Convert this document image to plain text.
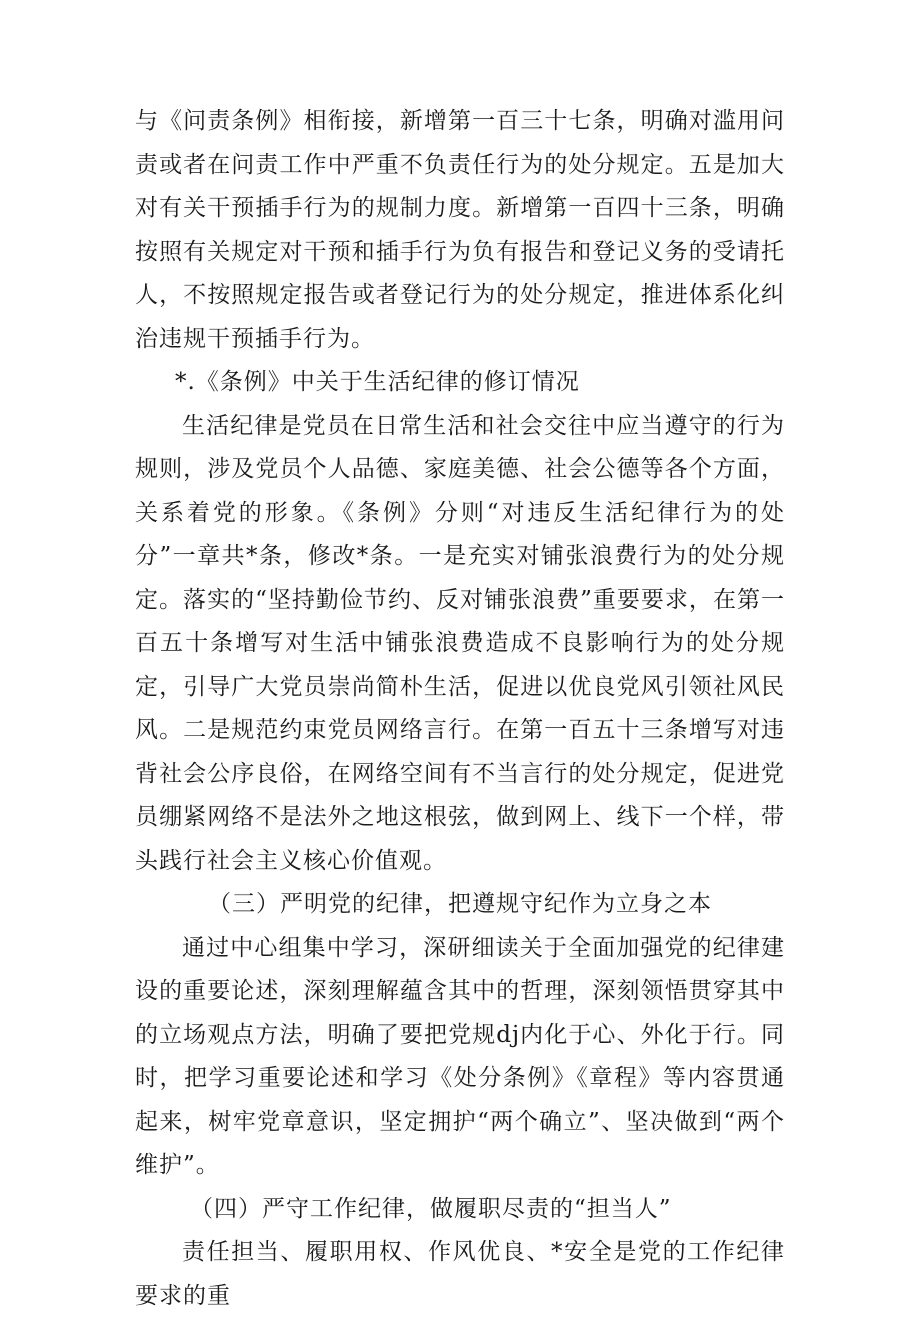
与《问责条例》相衔接，新增第一百三十七条，明确对滥用问责或者在问责工作中严重不负责任行为的处分规定。五是加大对有关干预插手行为的规制力度。新增第一百四十三条，明确按照有关规定对干预和插手行为负有报告和登记义务的受请托人，不按照规定报告或者登记行为的处分规定，推进体系化纠治违规干预插手行为。

*.《条例》中关于生活纪律的修订情况

生活纪律是党员在日常生活和社会交往中应当遵守的行为规则，涉及党员个人品德、家庭美德、社会公德等各个方面，关系着党的形象。《条例》分则“对违反生活纪律行为的处分”一章共*条，修改*条。一是充实对铺张浪费行为的处分规定。落实的“坚持勤俭节约、反对铺张浪费”重要要求，在第一百五十条增写对生活中铺张浪费造成不良影响行为的处分规定，引导广大党员崇尚简朴生活，促进以优良党风引领社风民风。二是规范约束党员网络言行。在第一百五十三条增写对违背社会公序良俗，在网络空间有不当言行的处分规定，促进党员绷紧网络不是法外之地这根弦，做到网上、线下一个样，带头践行社会主义核心价值观。

（三）严明党的纪律，把遵规守纪作为立身之本

通过中心组集中学习，深研细读关于全面加强党的纪律建设的重要论述，深刻理解蕴含其中的哲理，深刻领悟贯穿其中的立场观点方法，明确了要把党规dj内化于心、外化于行。同时，把学习重要论述和学习《处分条例》《章程》等内容贯通起来，树牢党章意识，坚定拥护“两个确立”、坚决做到“两个维护”。

（四）严守工作纪律，做履职尽责的“担当人”

责任担当、履职用权、作风优良、*安全是党的工作纪律要求的重
